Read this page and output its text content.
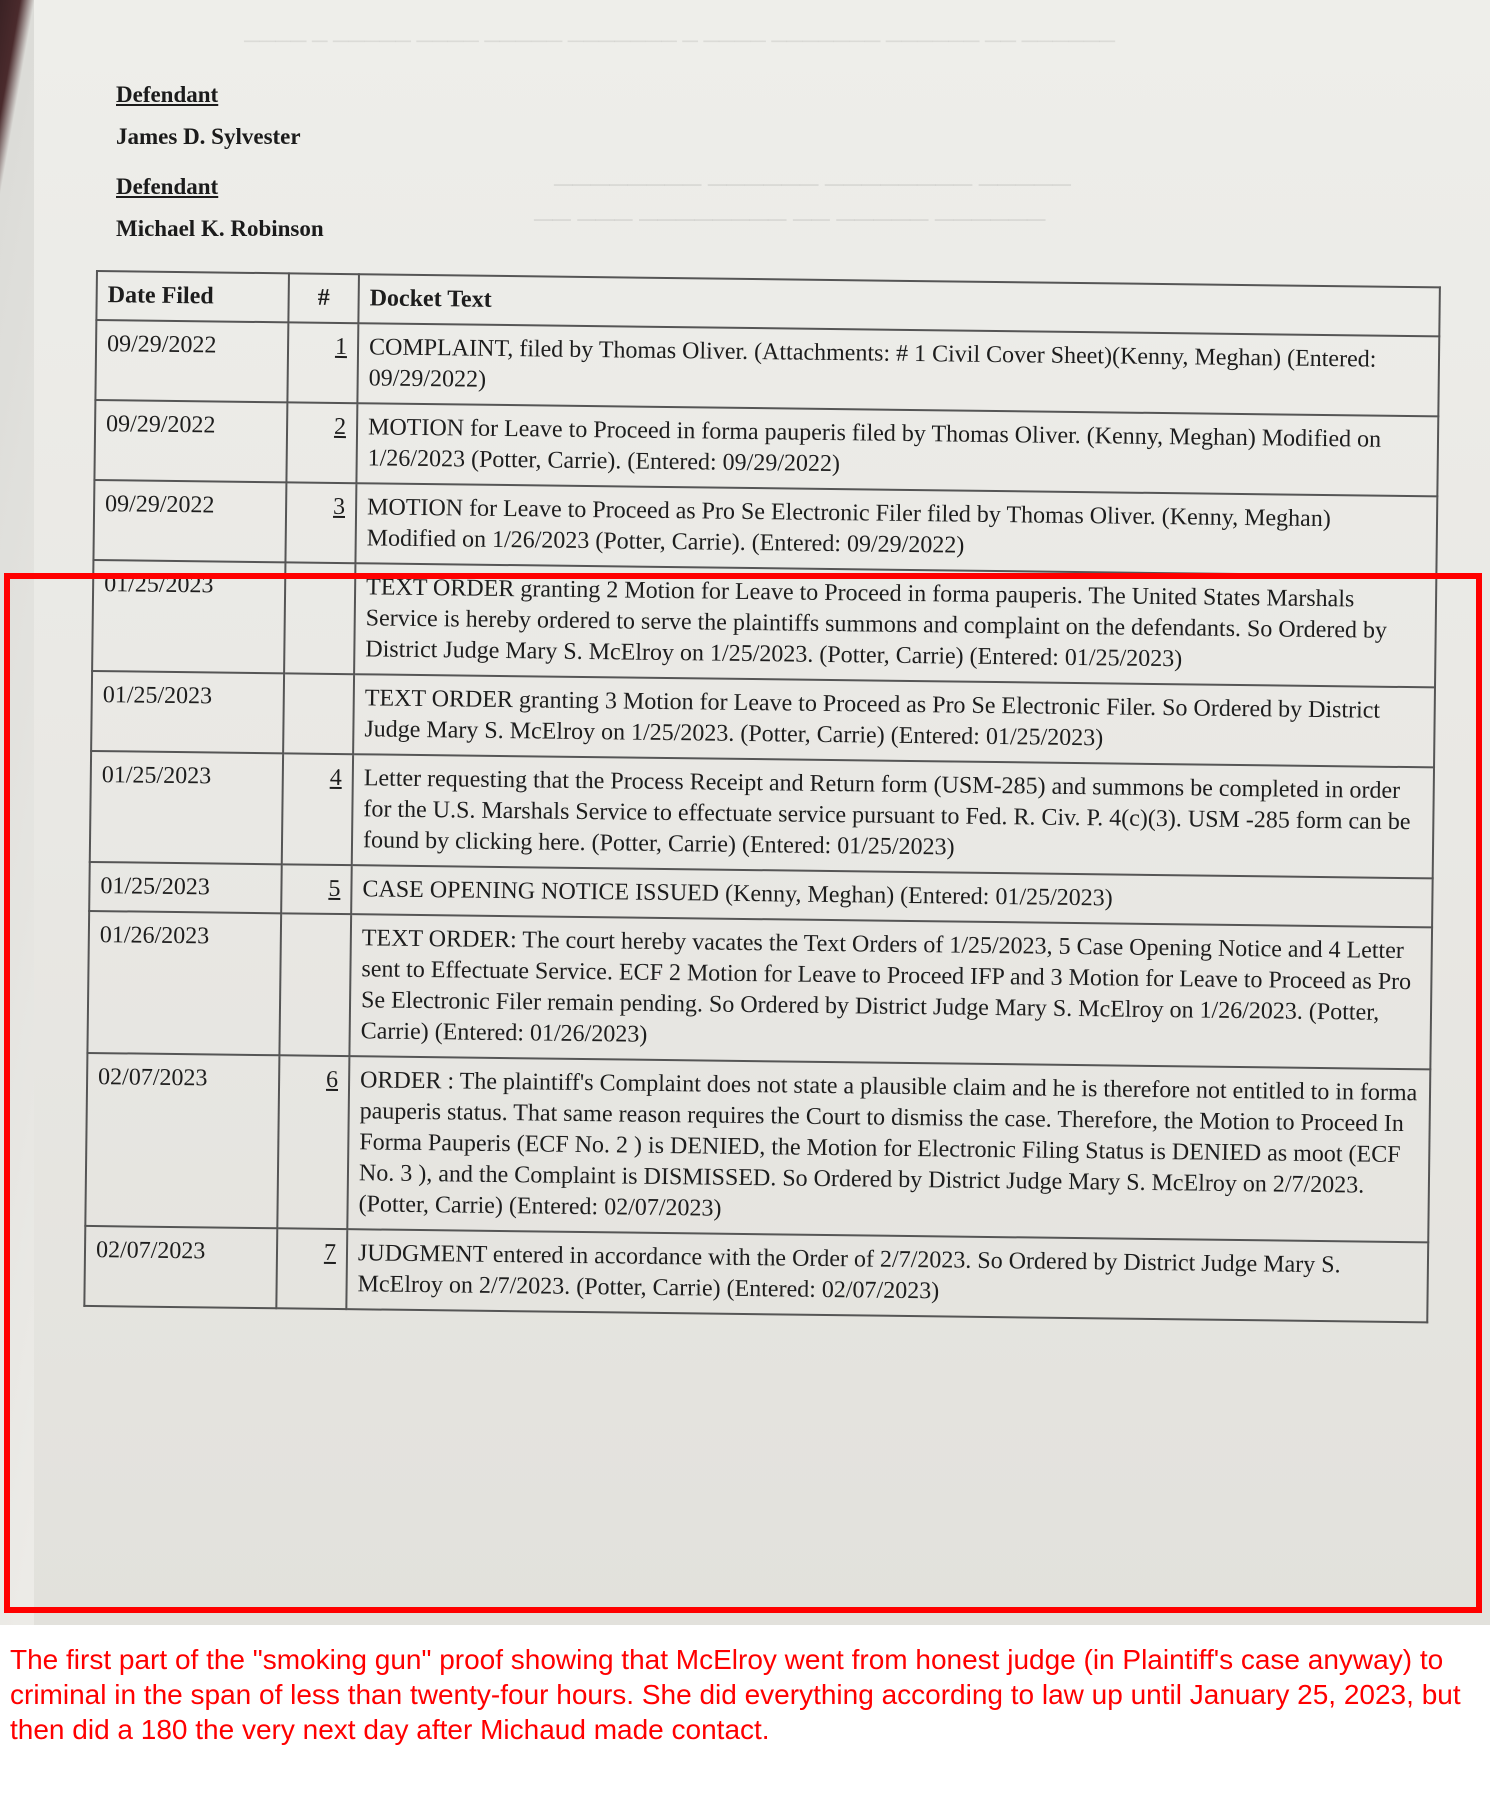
──── ─ ───── ──── ───── ─────── ─ ──── ─────── ────── ── ──────
──────── ────── ──────── ─────
── ─── ──────── ── ───── ──────
Defendant
James D. Sylvester
Defendant
Michael K. Robinson
Date Filed	#	Docket Text
09/29/2022	1	COMPLAINT, filed by Thomas Oliver. (Attachments: # 1 Civil Cover Sheet)(Kenny, Meghan) (Entered: 09/29/2022)
09/29/2022	2	MOTION for Leave to Proceed in forma pauperis filed by Thomas Oliver. (Kenny, Meghan) Modified on 1/26/2023 (Potter, Carrie). (Entered: 09/29/2022)
09/29/2022	3	MOTION for Leave to Proceed as Pro Se Electronic Filer filed by Thomas Oliver. (Kenny, Meghan) Modified on 1/26/2023 (Potter, Carrie). (Entered: 09/29/2022)
01/25/2023		TEXT ORDER granting 2 Motion for Leave to Proceed in forma pauperis. The United States Marshals Service is hereby ordered to serve the plaintiffs summons and complaint on the defendants. So Ordered by District Judge Mary S. McElroy on 1/25/2023. (Potter, Carrie) (Entered: 01/25/2023)
01/25/2023		TEXT ORDER granting 3 Motion for Leave to Proceed as Pro Se Electronic Filer. So Ordered by District Judge Mary S. McElroy on 1/25/2023. (Potter, Carrie) (Entered: 01/25/2023)
01/25/2023	4	Letter requesting that the Process Receipt and Return form (USM-285) and summons be completed in order for the U.S. Marshals Service to effectuate service pursuant to Fed. R. Civ. P. 4(c)(3). USM -285 form can be found by clicking here. (Potter, Carrie) (Entered: 01/25/2023)
01/25/2023	5	CASE OPENING NOTICE ISSUED (Kenny, Meghan) (Entered: 01/25/2023)
01/26/2023		TEXT ORDER: The court hereby vacates the Text Orders of 1/25/2023, 5 Case Opening Notice and 4 Letter sent to Effectuate Service. ECF 2 Motion for Leave to Proceed IFP and 3 Motion for Leave to Proceed as Pro Se Electronic Filer remain pending. So Ordered by District Judge Mary S. McElroy on 1/26/2023. (Potter, Carrie) (Entered: 01/26/2023)
02/07/2023	6	ORDER : The plaintiff's Complaint does not state a plausible claim and he is therefore not entitled to in forma pauperis status. That same reason requires the Court to dismiss the case. Therefore, the Motion to Proceed In Forma Pauperis (ECF No. 2 ) is DENIED, the Motion for Electronic Filing Status is DENIED as moot (ECF No. 3 ), and the Complaint is DISMISSED. So Ordered by District Judge Mary S. McElroy on 2/7/2023. (Potter, Carrie) (Entered: 02/07/2023)
02/07/2023	7	JUDGMENT entered in accordance with the Order of 2/7/2023. So Ordered by District Judge Mary S. McElroy on 2/7/2023. (Potter, Carrie) (Entered: 02/07/2023)

The first part of the "smoking gun" proof showing that McElroy went from honest judge (in Plaintiff's case anyway) to criminal in the span of less than twenty-four hours. She did everything according to law up until January 25, 2023, but then did a 180 the very next day after Michaud made contact.
